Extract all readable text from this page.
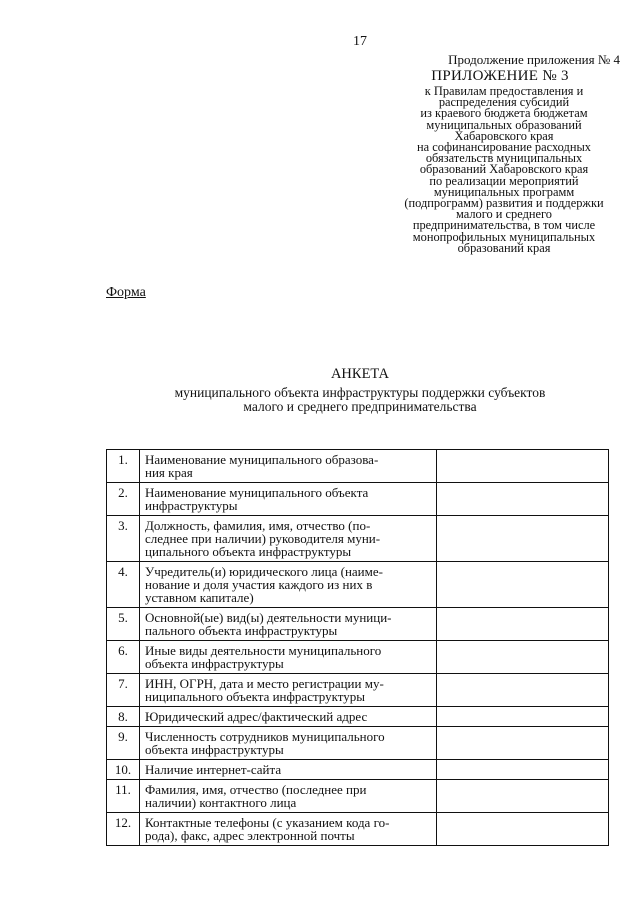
17
Продолжение приложения № 4
ПРИЛОЖЕНИЕ № 3
к Правилам предоставления и
распределения субсидий
из краевого бюджета бюджетам
муниципальных образований
Хабаровского края
на софинансирование расходных
обязательств муниципальных
образований Хабаровского края
по реализации мероприятий
муниципальных программ
(подпрограмм) развития и поддержки
малого и среднего
предпринимательства, в том числе
монопрофильных муниципальных
образований края
Форма
АНКЕТА
муниципального объекта инфраструктуры поддержки субъектов
малого и среднего предпринимательства
1.	Наименование муниципального образова-
ния края	

2.	Наименование муниципального объекта
инфраструктуры	

3.	Должность, фамилия, имя, отчество (по-
следнее при наличии) руководителя муни-
ципального объекта инфраструктуры	

4.	Учредитель(и) юридического лица (наиме-
нование и доля участия каждого из них в
уставном капитале)	

5.	Основной(ые) вид(ы) деятельности муници-
пального объекта инфраструктуры	

6.	Иные виды деятельности муниципального
объекта инфраструктуры	

7.	ИНН, ОГРН, дата и место регистрации му-
ниципального объекта инфраструктуры	

8.	Юридический адрес/фактический адрес	

9.	Численность сотрудников муниципального
объекта инфраструктуры	

10.	Наличие интернет-сайта	

11.	Фамилия, имя, отчество (последнее при
наличии) контактного лица	

12.	Контактные телефоны (с указанием кода го-
рода), факс, адрес электронной почты	
